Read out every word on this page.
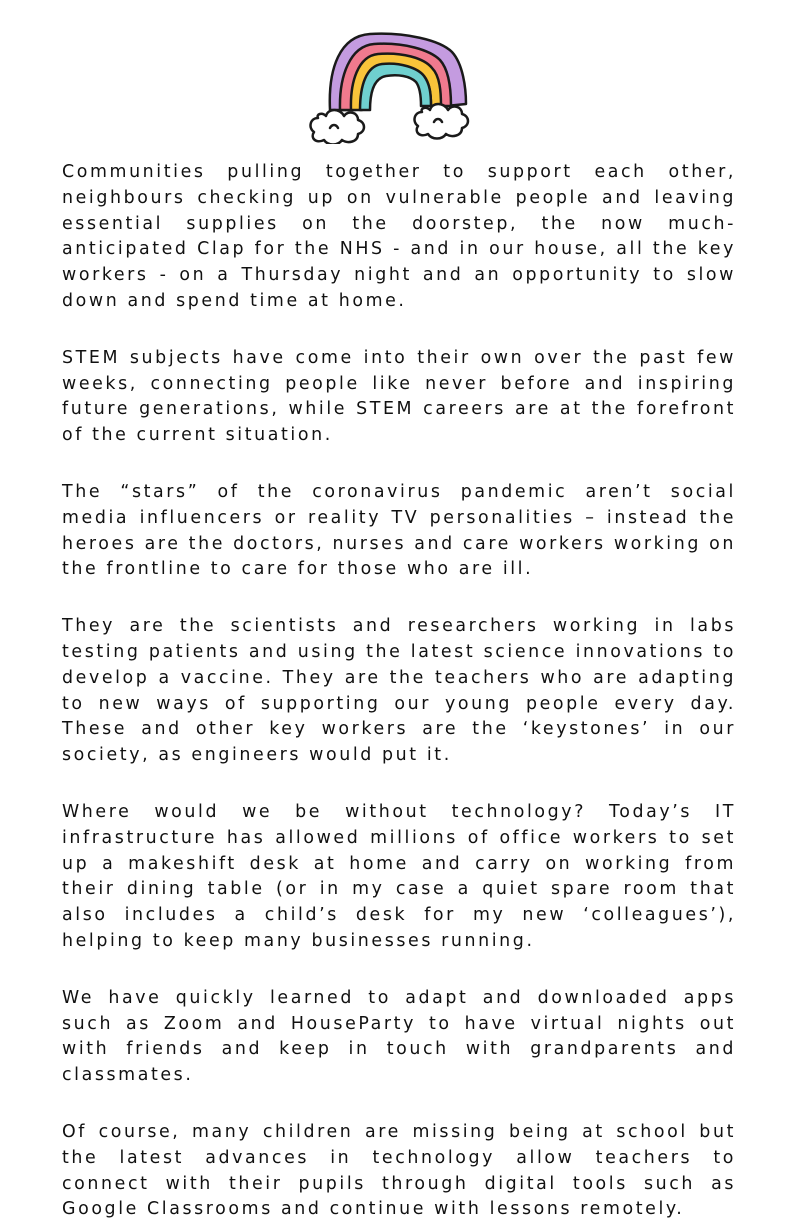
Communities pulling together to support each other, neighbours checking up on vulnerable people and leaving essential supplies on the doorstep, the now much-anticipated Clap for the NHS - and in our house, all the key workers - on a Thursday night and an opportunity to slow down and spend time at home.

STEM subjects have come into their own over the past few weeks, connecting people like never before and inspiring future generations, while STEM careers are at the forefront of the current situation.

The “stars” of the coronavirus pandemic aren’t social media influencers or reality TV personalities – instead the heroes are the doctors, nurses and care workers working on the frontline to care for those who are ill.

They are the scientists and researchers working in labs testing patients and using the latest science innovations to develop a vaccine. They are the teachers who are adapting to new ways of supporting our young people every day. These and other key workers are the ‘keystones’ in our society, as engineers would put it.

Where would we be without technology? Today’s IT infrastructure has allowed millions of office workers to set up a makeshift desk at home and carry on working from their dining table (or in my case a quiet spare room that also includes a child’s desk for my new ‘colleagues’), helping to keep many businesses running.

We have quickly learned to adapt and downloaded apps such as Zoom and HouseParty to have virtual nights out with friends and keep in touch with grandparents and classmates.

Of course, many children are missing being at school but the latest advances in technology allow teachers to connect with their pupils through digital tools such as Google Classrooms and continue with lessons remotely.
